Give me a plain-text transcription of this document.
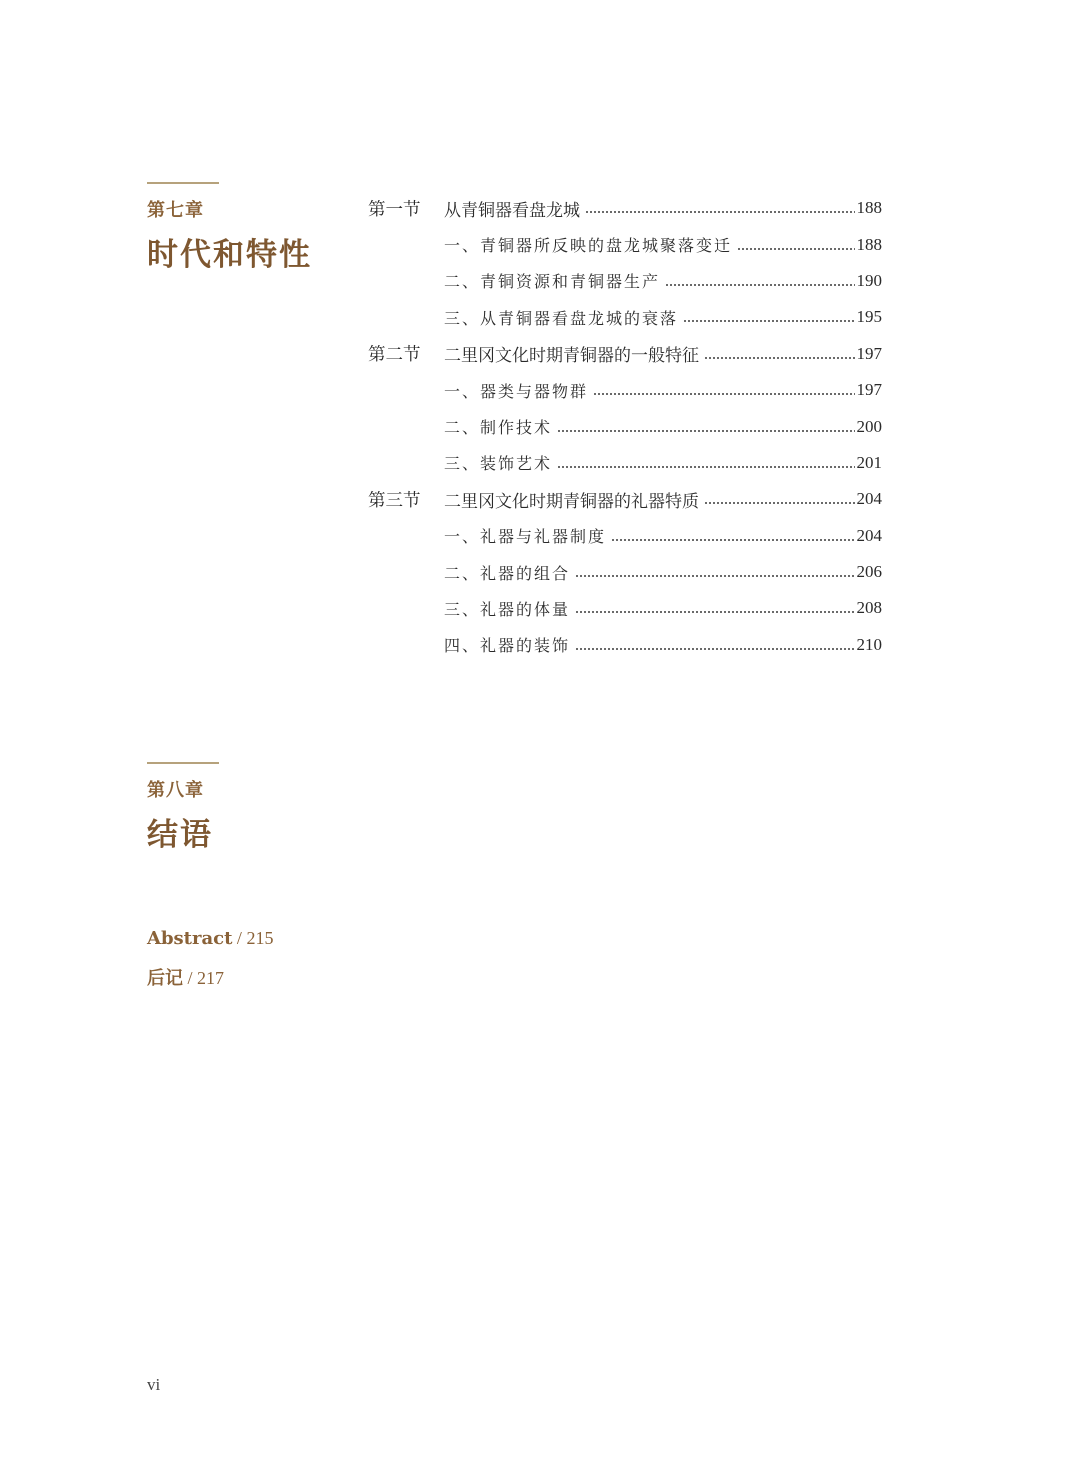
第七章
时代和特性
第一节	从青铜器看盘龙城	188
一、青铜器所反映的盘龙城聚落变迁	188
二、青铜资源和青铜器生产	190
三、从青铜器看盘龙城的衰落	195
第二节	二里冈文化时期青铜器的一般特征	197
一、器类与器物群	197
二、制作技术	200
三、装饰艺术	201
第三节	二里冈文化时期青铜器的礼器特质	204
一、礼器与礼器制度	204
二、礼器的组合	206
三、礼器的体量	208
四、礼器的装饰	210
第八章
结语
Abstract / 215
后记 / 217
vi
